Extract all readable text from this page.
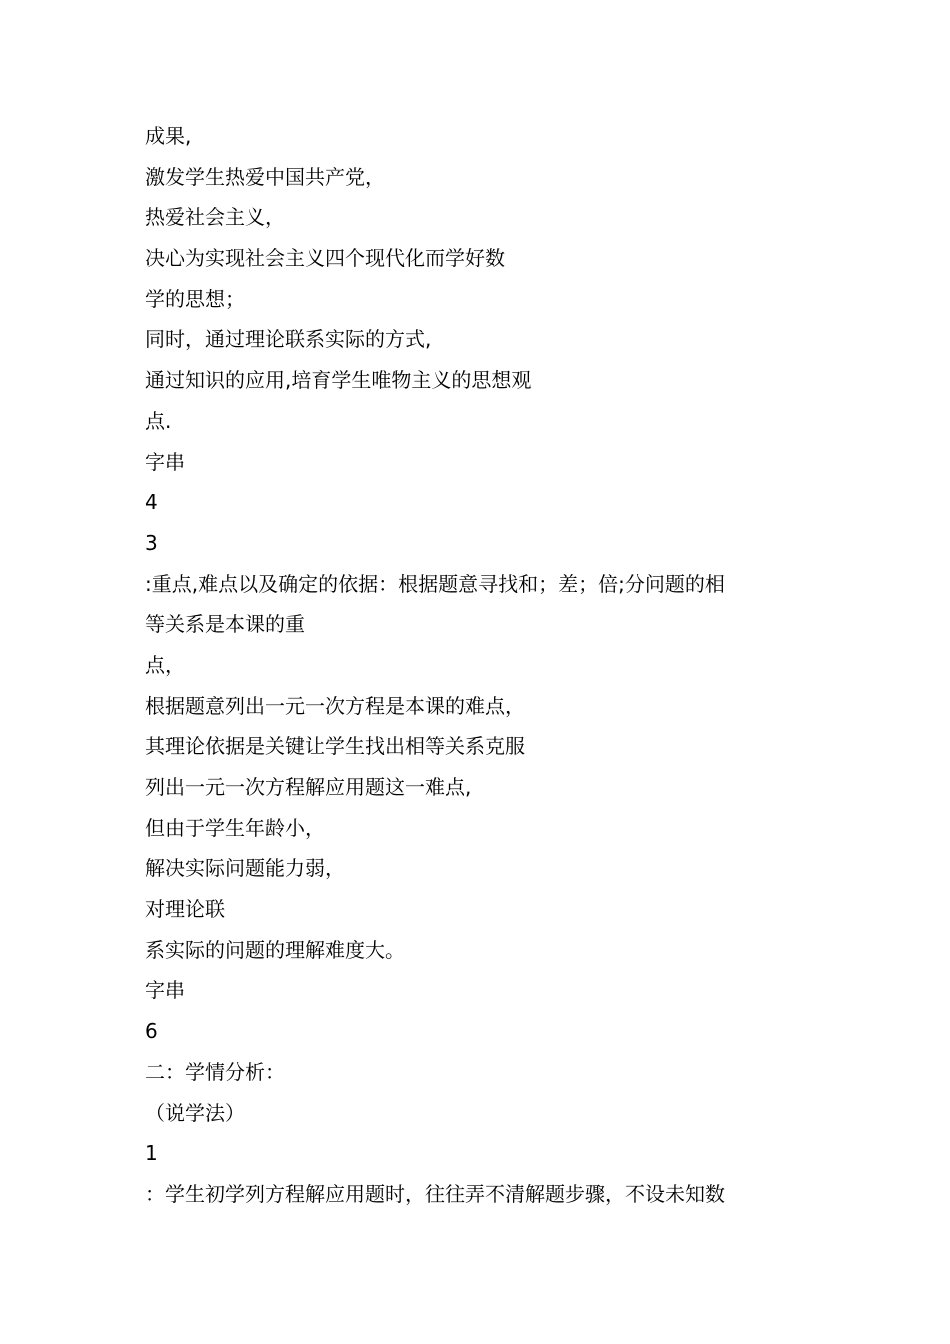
成果,
激发学生热爱中国共产党，
热爱社会主义，
决心为实现社会主义四个现代化而学好数
学的思想；
同时，通过理论联系实际的方式,
通过知识的应用,培育学生唯物主义的思想观
点.
字串
4
3
:重点,难点以及确定的依据：根据题意寻找和；差；倍;分问题的相
等关系是本课的重
点，
根据题意列出一元一次方程是本课的难点，
其理论依据是关键让学生找出相等关系克服
列出一元一次方程解应用题这一难点,
但由于学生年龄小，
解决实际问题能力弱，
对理论联
系实际的问题的理解难度大。
字串
6
二：学情分析：
（说学法）
1
：学生初学列方程解应用题时，往往弄不清解题步骤，不设未知数
